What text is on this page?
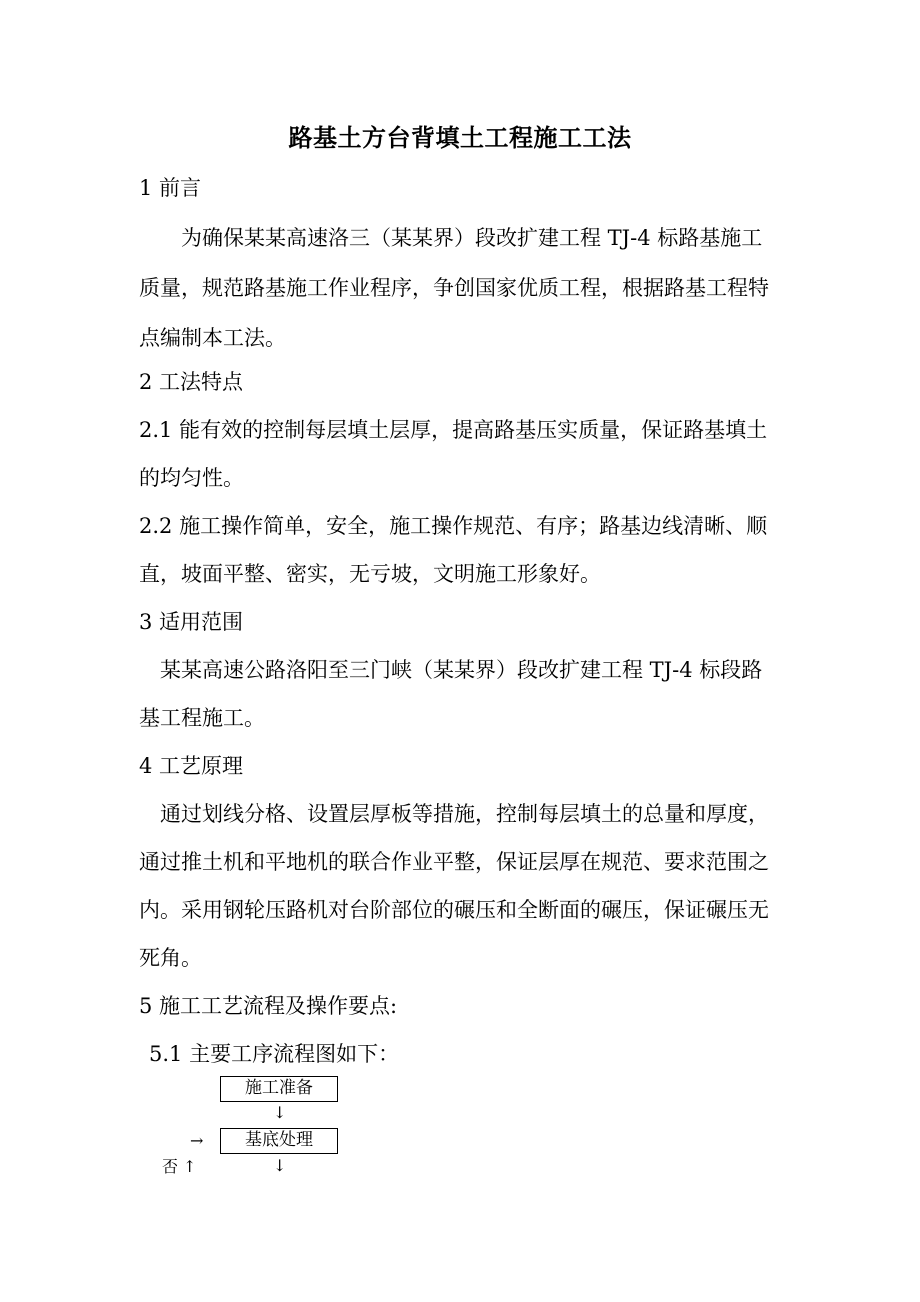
路基土方台背填土工程施工工法
1 前言
为确保某某高速洛三（某某界）段改扩建工程 TJ-4 标路基施工
质量，规范路基施工作业程序，争创国家优质工程，根据路基工程特
点编制本工法。
2 工法特点
2.1 能有效的控制每层填土层厚，提高路基压实质量，保证路基填土
的均匀性。
2.2 施工操作简单，安全，施工操作规范、有序；路基边线清晰、顺
直，坡面平整、密实，无亏坡，文明施工形象好。
3 适用范围
某某高速公路洛阳至三门峡（某某界）段改扩建工程 TJ-4 标段路
基工程施工。
4 工艺原理
通过划线分格、设置层厚板等措施，控制每层填土的总量和厚度，
通过推土机和平地机的联合作业平整，保证层厚在规范、要求范围之
内。采用钢轮压路机对台阶部位的碾压和全断面的碾压，保证碾压无
死角。
5 施工工艺流程及操作要点:
5.1 主要工序流程图如下：
施工准备
↓
→	基底处理
否 ↑	↓
